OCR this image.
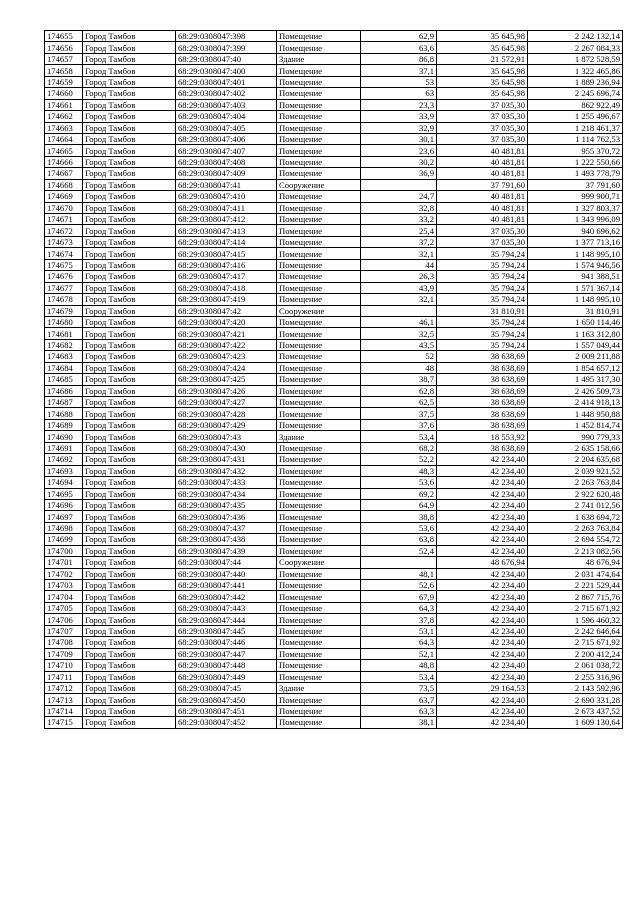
174655	Город Тамбов	68:29:0308047:398	Помещение	62,9	35 645,98	2 242 132,14
174656	Город Тамбов	68:29:0308047:399	Помещение	63,6	35 645,98	2 267 084,33
174657	Город Тамбов	68:29:0308047:40	Здание	86,8	21 572,91	1 872 528,59
174658	Город Тамбов	68:29:0308047:400	Помещение	37,1	35 645,98	1 322 465,86
174659	Город Тамбов	68:29:0308047:401	Помещение	53	35 645,98	1 889 236,94
174660	Город Тамбов	68:29:0308047:402	Помещение	63	35 645,98	2 245 696,74
174661	Город Тамбов	68:29:0308047:403	Помещение	23,3	37 035,30	862 922,49
174662	Город Тамбов	68:29:0308047:404	Помещение	33,9	37 035,30	1 255 496,67
174663	Город Тамбов	68:29:0308047:405	Помещение	32,9	37 035,30	1 218 461,37
174664	Город Тамбов	68:29:0308047:406	Помещение	30,1	37 035,30	1 114 762,53
174665	Город Тамбов	68:29:0308047:407	Помещение	23,6	40 481,81	955 370,72
174666	Город Тамбов	68:29:0308047:408	Помещение	30,2	40 481,81	1 222 550,66
174667	Город Тамбов	68:29:0308047:409	Помещение	36,9	40 481,81	1 493 778,79
174668	Город Тамбов	68:29:0308047:41	Сооружение		37 791,60	37 791,60
174669	Город Тамбов	68:29:0308047:410	Помещение	24,7	40 481,81	999 900,71
174670	Город Тамбов	68:29:0308047:411	Помещение	32,8	40 481,81	1 327 803,37
174671	Город Тамбов	68:29:0308047:412	Помещение	33,2	40 481,81	1 343 996,09
174672	Город Тамбов	68:29:0308047:413	Помещение	25,4	37 035,30	940 696,62
174673	Город Тамбов	68:29:0308047:414	Помещение	37,2	37 035,30	1 377 713,16
174674	Город Тамбов	68:29:0308047:415	Помещение	32,1	35 794,24	1 148 995,10
174675	Город Тамбов	68:29:0308047:416	Помещение	44	35 794,24	1 574 946,56
174676	Город Тамбов	68:29:0308047:417	Помещение	26,3	35 794,24	941 388,51
174677	Город Тамбов	68:29:0308047:418	Помещение	43,9	35 794,24	1 571 367,14
174678	Город Тамбов	68:29:0308047:419	Помещение	32,1	35 794,24	1 148 995,10
174679	Город Тамбов	68:29:0308047:42	Сооружение		31 810,91	31 810,91
174680	Город Тамбов	68:29:0308047:420	Помещение	46,1	35 794,24	1 650 114,46
174681	Город Тамбов	68:29:0308047:421	Помещение	32,5	35 794,24	1 163 312,80
174682	Город Тамбов	68:29:0308047:422	Помещение	43,5	35 794,24	1 557 049,44
174683	Город Тамбов	68:29:0308047:423	Помещение	52	38 638,69	2 009 211,88
174684	Город Тамбов	68:29:0308047:424	Помещение	48	38 638,69	1 854 657,12
174685	Город Тамбов	68:29:0308047:425	Помещение	38,7	38 638,69	1 495 317,30
174686	Город Тамбов	68:29:0308047:426	Помещение	62,8	38 638,69	2 426 509,73
174687	Город Тамбов	68:29:0308047:427	Помещение	62,5	38 638,69	2 414 918,13
174688	Город Тамбов	68:29:0308047:428	Помещение	37,5	38 638,69	1 448 950,88
174689	Город Тамбов	68:29:0308047:429	Помещение	37,6	38 638,69	1 452 814,74
174690	Город Тамбов	68:29:0308047:43	Здание	53,4	18 553,92	990 779,33
174691	Город Тамбов	68:29:0308047:430	Помещение	68,2	38 638,69	2 635 158,66
174692	Город Тамбов	68:29:0308047:431	Помещение	52,2	42 234,40	2 204 635,68
174693	Город Тамбов	68:29:0308047:432	Помещение	48,3	42 234,40	2 039 921,52
174694	Город Тамбов	68:29:0308047:433	Помещение	53,6	42 234,40	2 263 763,84
174695	Город Тамбов	68:29:0308047:434	Помещение	69,2	42 234,40	2 922 620,48
174696	Город Тамбов	68:29:0308047:435	Помещение	64,9	42 234,40	2 741 012,56
174697	Город Тамбов	68:29:0308047:436	Помещение	38,8	42 234,40	1 638 694,72
174698	Город Тамбов	68:29:0308047:437	Помещение	53,6	42 234,40	2 263 763,84
174699	Город Тамбов	68:29:0308047:438	Помещение	63,8	42 234,40	2 694 554,72
174700	Город Тамбов	68:29:0308047:439	Помещение	52,4	42 234,40	2 213 082,56
174701	Город Тамбов	68:29:0308047:44	Сооружение		48 676,94	48 676,94
174702	Город Тамбов	68:29:0308047:440	Помещение	48,1	42 234,40	2 031 474,64
174703	Город Тамбов	68:29:0308047:441	Помещение	52,6	42 234,40	2 221 529,44
174704	Город Тамбов	68:29:0308047:442	Помещение	67,9	42 234,40	2 867 715,76
174705	Город Тамбов	68:29:0308047:443	Помещение	64,3	42 234,40	2 715 671,92
174706	Город Тамбов	68:29:0308047:444	Помещение	37,8	42 234,40	1 596 460,32
174707	Город Тамбов	68:29:0308047:445	Помещение	53,1	42 234,40	2 242 646,64
174708	Город Тамбов	68:29:0308047:446	Помещение	64,3	42 234,40	2 715 671,92
174709	Город Тамбов	68:29:0308047:447	Помещение	52,1	42 234,40	2 200 412,24
174710	Город Тамбов	68:29:0308047:448	Помещение	48,8	42 234,40	2 061 038,72
174711	Город Тамбов	68:29:0308047:449	Помещение	53,4	42 234,40	2 255 316,96
174712	Город Тамбов	68:29:0308047:45	Здание	73,5	29 164,53	2 143 592,96
174713	Город Тамбов	68:29:0308047:450	Помещение	63,7	42 234,40	2 690 331,28
174714	Город Тамбов	68:29:0308047:451	Помещение	63,3	42 234,40	2 673 437,52
174715	Город Тамбов	68:29:0308047:452	Помещение	38,1	42 234,40	1 609 130,64
